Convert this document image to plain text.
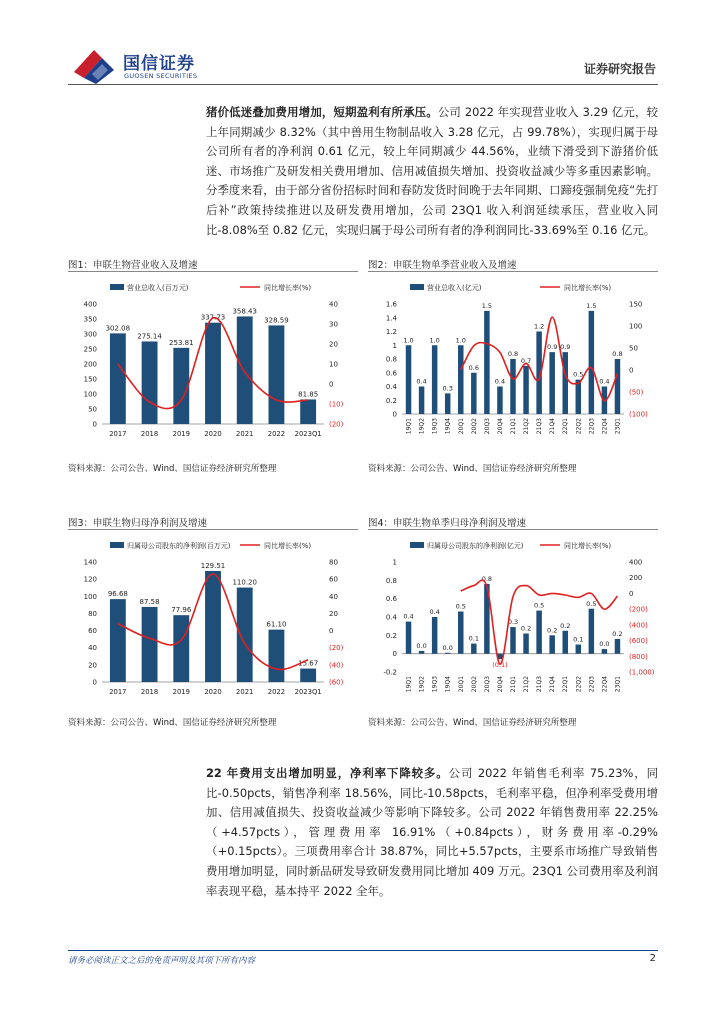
国信证券
GUOSEN SECURITIES	证券研究报告
猪价低迷叠加费用增加，短期盈利有所承压。公司 2022 年实现营业收入 3.29 亿元，较上年同期减少 8.32%（其中兽用生物制品收入 3.28 亿元，占 99.78%），实现归属于母公司所有者的净利润 0.61 亿元，较上年同期减少 44.56%，业绩下滑受到下游猪价低迷、市场推广及研发相关费用增加、信用减值损失增加、投资收益减少等多重因素影响。分季度来看，由于部分省份招标时间和春防发货时间晚于去年同期、口蹄疫强制免疫“先打后补”政策持续推进以及研发费用增加，公司 23Q1 收入利润延续承压，营业收入同比-8.08%至 0.82 亿元，实现归属于母公司所有者的净利润同比-33.69%至 0.16 亿元。
图1：申联生物营业收入及增速
营业总收入(百万元)	同比增长率(%)
0
50
100
150
200
250
300
350
400
(20)
(10)
0
10
20
30
40
302.08
275.14
253.81
337.73
358.43
328.59
81.85
2017 2018 2019 2020 2021 2022 2023Q1
资料来源：公司公告、Wind、国信证券经济研究所整理
图2：申联生物单季营业收入及增速
营业总收入(亿元)	同比增长率(%)
0
0.2
0.4
0.6
0.8
1
1.2
1.4
1.6
(100)
(50)
0
50
100
150
1.0
0.4
1.0
0.3
1.0
0.6
1.5
0.4
0.8
0.7
1.2
0.9 0.9
0.5
1.5
0.4
0.8
19Q1 19Q2 19Q3 19Q4 20Q1 20Q2 20Q3 20Q4 21Q1 21Q2 21Q3 21Q4 22Q1 22Q2 22Q3 22Q4 23Q1
资料来源：公司公告、Wind、国信证券经济研究所整理
图3：申联生物归母净利润及增速
归属母公司股东的净利润(百万元)	同比增长率(%)
0
20
40
60
80
100
120
140
(60)
(40)
(20)
0
20
40
60
80
96.68
87.58
77.96
129.51
110.20
61.10
15.67
2017 2018 2019 2020 2021 2022 2023Q1
资料来源：公司公告、Wind、国信证券经济研究所整理
图4：申联生物单季归母净利润及增速
归属母公司股东的净利润(亿元)	同比增长率(%)
-0.2
0
0.2
0.4
0.6
0.8
1
(1,000)
(800)
(600)
(400)
(200)
0
200
400
0.4
0.0
0.4
0.0
0.5
0.1
0.8
(0.1)
0.3
0.2
0.5
0.2
0.2
0.1
0.5
0.0
0.2
19Q1 19Q2 19Q3 19Q4 20Q1 20Q2 20Q3 20Q4 21Q1 21Q2 21Q3 21Q4 22Q1 22Q2 22Q3 22Q4 23Q1
资料来源：公司公告、Wind、国信证券经济研究所整理
22 年费用支出增加明显，净利率下降较多。公司 2022 年销售毛利率 75.23%，同比-0.50pcts，销售净利率 18.56%，同比-10.58pcts，毛利率平稳，但净利率受费用增加、信用减值损失、投资收益减少等影响下降较多。公司 2022 年销售费用率 22.25%（+4.57pcts），管理费用率 16.91%（+0.84pcts），财务费用率-0.29%（+0.15pcts）。三项费用率合计 38.87%，同比+5.57pcts，主要系市场推广导致销售费用增加明显，同时新品研发导致研发费用同比增加 409 万元。23Q1 公司费用率及利润率表现平稳，基本持平 2022 全年。
请务必阅读正文之后的免责声明及其项下所有内容	2
